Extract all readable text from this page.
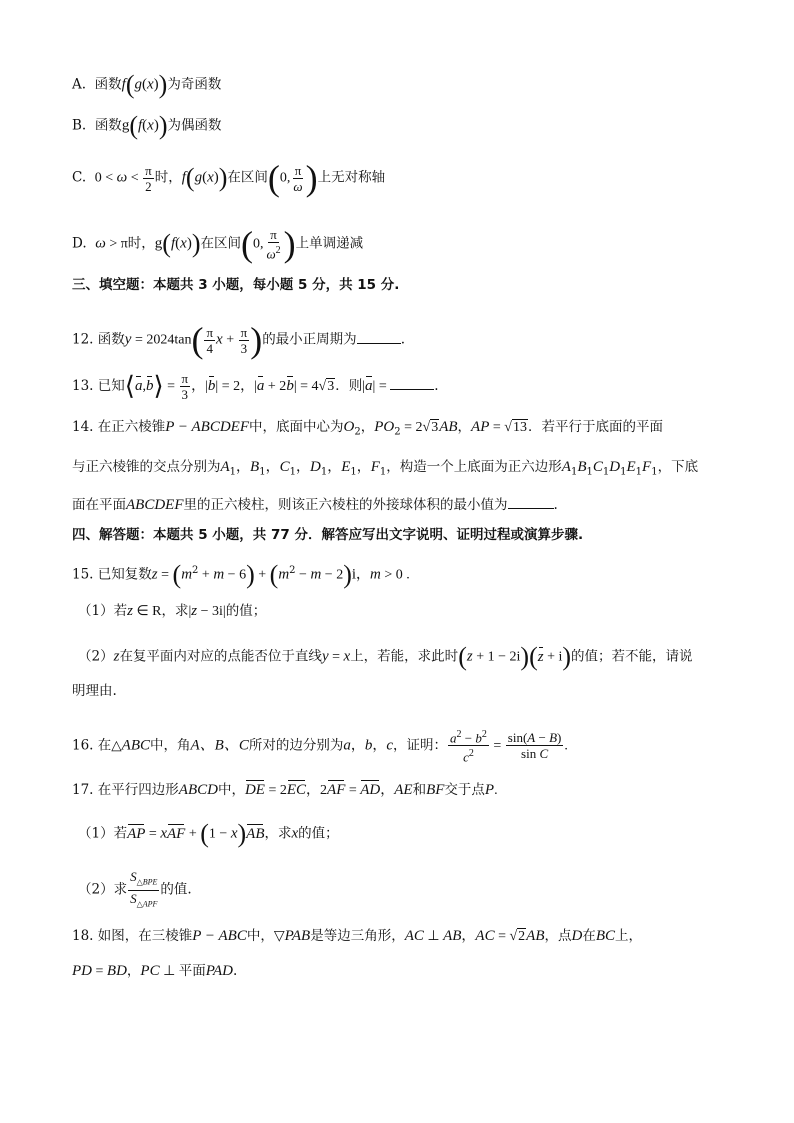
A. 函数f(g(x))为奇函数
B. 函数g(f(x))为偶函数
C. $0 < \omega < \frac{\pi}{2}$ 时，f(g(x))在区间(0, $\frac{\pi}{\omega}$ )上无对称轴
D. ω > π时，g(f(x))在区间(0, $\frac{\pi}{\omega^2}$ )上单调递减
三、填空题：本题共 3 小题，每小题 5 分，共 15 分.
12. 函数$y = 2024\tan( \frac{\pi}{4}$ $x + \frac{\pi}{3}$ )的最小正周期为	.
13. 已知⟨a,b⟩ = $\frac{\pi}{3}$ ，|b| = 2，|a + 2b| = 4√3．则|a| =	.
14. 在正六棱锥P − ABCDEF中，底面中心为$O_2$，$PO_2 = 2√3AB$，AP = √13．若平行于底面的平面
与正六棱锥的交点分别为$A_1$，$B_1$，$C_1$，$D_1$，$E_1$，$F_1$，构造一个上底面为正六边形$A_1B_1C_1D_1E_1F_1$，下底
面在平面ABCDEF里的正六棱柱，则该正六棱柱的外接球体积的最小值为	.
四、解答题：本题共 5 小题，共 77 分．解答应写出文字说明、证明过程或演算步骤.
15. 已知复数$z = (m^2 + m - 6) + (m^2 - m - 2)i$，m > 0 .
（1）若z ∈ R，求|z − 3i|的值；
（2）z在复平面内对应的点能否位于直线y = x上，若能，求此时(z + 1 − 2i)(z + i)的值；若不能，请说
明理由.
16. 在△ABC中，角A、B、C所对的边分别为a，b，c，证明： $\frac{a^2 - b^2}{c^2} = \frac{\sin(A - B)}{\text{sin C}}$ .
17. 在平行四边形ABCD中，DE = 2EC，2AF = AD，AE和BF交于点P.
（1）若AP = xAF + (1 − x)AB，求x的值；
（2）求 $\frac{S_{\triangle BPE}}{S_{\triangle APF}}$ 的值.
18. 如图，在三棱锥P − ABC中，▽PAB是等边三角形，AC ⊥ AB，AC = √2AB，点D在BC上，
PD = BD，PC ⊥ 平面PAD.
